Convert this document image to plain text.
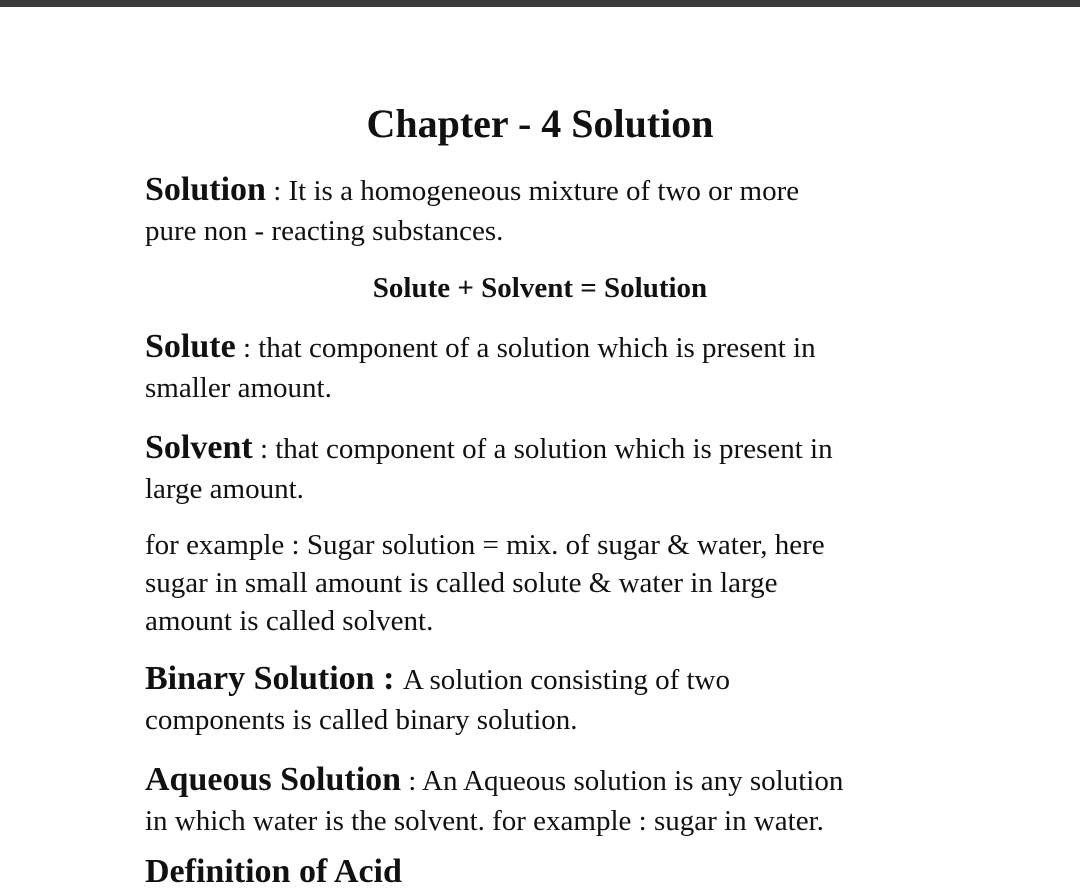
Chapter - 4 Solution
Solution : It is a homogeneous mixture of two or more
pure non - reacting substances.
Solute + Solvent = Solution
Solute : that component of a solution which is present in
smaller amount.
Solvent : that component of a solution which is present in
large amount.
for example : Sugar solution = mix. of sugar & water, here
sugar in small amount is called solute & water in large
amount is called solvent.
Binary Solution : A solution consisting of two
components is called binary solution.
Aqueous Solution : An Aqueous solution is any solution
in which water is the solvent. for example : sugar in water.
Definition of Acid
